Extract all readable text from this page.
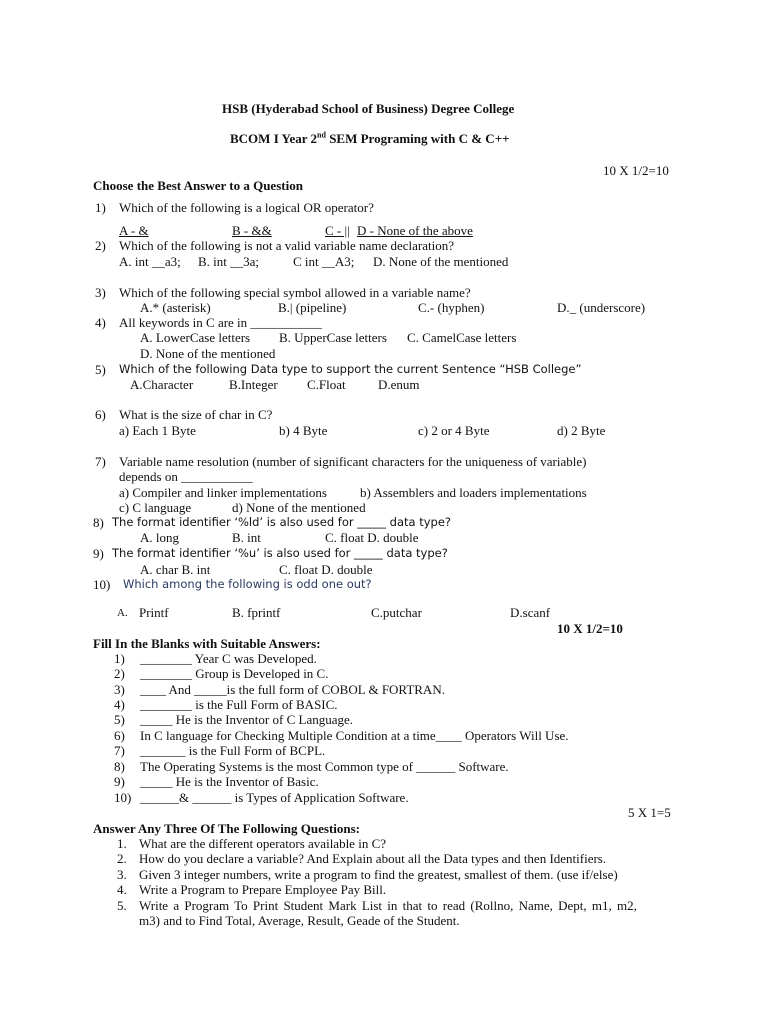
HSB (Hyderabad School of Business) Degree College
BCOM I Year 2nd SEM Programing with C & C++
10 X 1/2=10
Choose the Best Answer to a Question
1) Which of the following is a logical OR operator?
A - &	B - &&	C - || D - None of the above
2) Which of the following is not a valid variable name declaration?
A. int __a3; B. int __3a;	C int __A3; D. None of the mentioned
3) Which of the following special symbol allowed in a variable name?
A.* (asterisk)	B.| (pipeline)	C.- (hyphen)	D._ (underscore)
4) All keywords in C are in ___________
A. LowerCase letters B. UpperCase letters C. CamelCase letters
D. None of the mentioned
5) Which of the following Data type to support the current Sentence “HSB College”
A.Character	B.Integer C.Float D.enum
6) What is the size of char in C?
a) Each 1 Byte	b) 4 Byte	c) 2 or 4 Byte	d) 2 Byte
7) Variable name resolution (number of significant characters for the uniqueness of variable)
depends on ___________
a) Compiler and linker implementations	b) Assemblers and loaders implementations
c) C language	d) None of the mentioned
8) The format identifier ‘%ld’ is also used for _____ data type?
A. long	B. int	C. float D. double
9) The format identifier ‘%u’ is also used for _____ data type?
A. char B. int	C. float D. double
10) Which among the following is odd one out?
A. Printf	B. fprintf	C.putchar	D.scanf
10 X 1/2=10
Fill In the Blanks with Suitable Answers:
1) ________ Year C was Developed.
2) ________ Group is Developed in C.
3) ____ And _____is the full form of COBOL & FORTRAN.
4) ________ is the Full Form of BASIC.
5) _____ He is the Inventor of C Language.
6) In C language for Checking Multiple Condition at a time____ Operators Will Use.
7) _______ is the Full Form of BCPL.
8) The Operating Systems is the most Common type of ______ Software.
9) _____ He is the Inventor of Basic.
10) ______& ______ is Types of Application Software.
5 X 1=5
Answer Any Three Of The Following Questions:
1. What are the different operators available in C?
2. How do you declare a variable? And Explain about all the Data types and then Identifiers.
3. Given 3 integer numbers, write a program to find the greatest, smallest of them. (use if/else)
4. Write a Program to Prepare Employee Pay Bill.
5. Write a Program To Print Student Mark List in that to read (Rollno, Name, Dept, m1, m2,
m3) and to Find Total, Average, Result, Geade of the Student.
